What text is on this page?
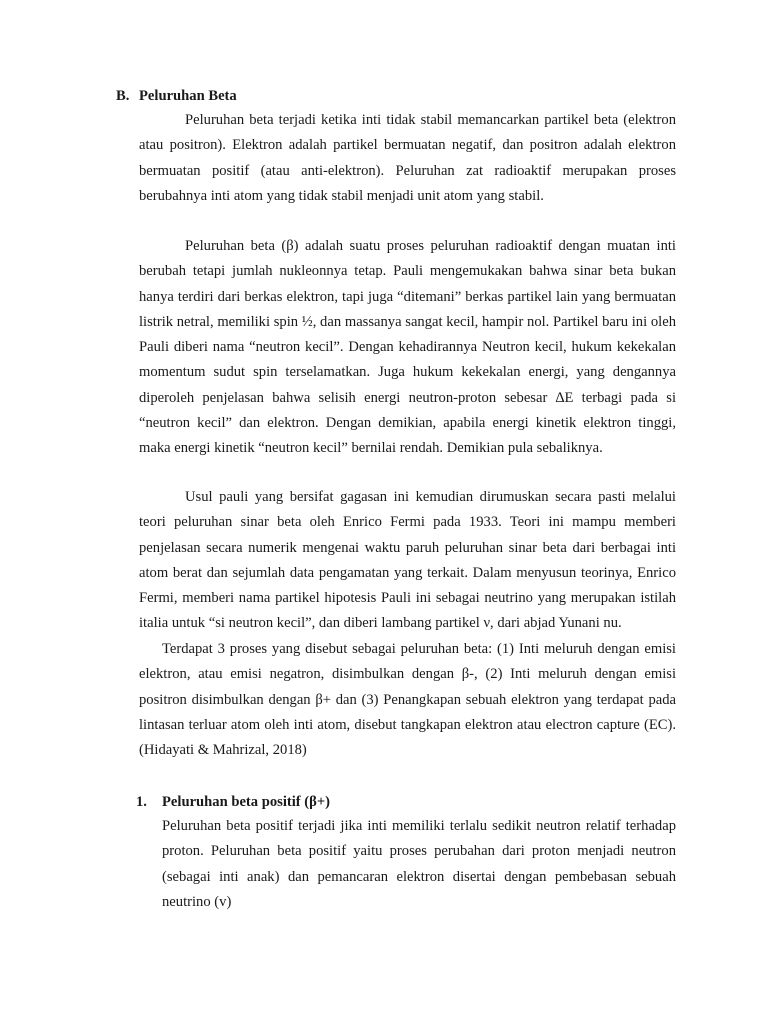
B. Peluruhan Beta

Peluruhan beta terjadi ketika inti tidak stabil memancarkan partikel beta (elektron atau positron). Elektron adalah partikel bermuatan negatif, dan positron adalah elektron bermuatan positif (atau anti-elektron). Peluruhan zat radioaktif merupakan proses berubahnya inti atom yang tidak stabil menjadi unit atom yang stabil.

Peluruhan beta (β) adalah suatu proses peluruhan radioaktif dengan muatan inti berubah tetapi jumlah nukleonnya tetap. Pauli mengemukakan bahwa sinar beta bukan hanya terdiri dari berkas elektron, tapi juga “ditemani” berkas partikel lain yang bermuatan listrik netral, memiliki spin ½, dan massanya sangat kecil, hampir nol. Partikel baru ini oleh Pauli diberi nama “neutron kecil”. Dengan kehadirannya Neutron kecil, hukum kekekalan momentum sudut spin terselamatkan. Juga hukum kekekalan energi, yang dengannya diperoleh penjelasan bahwa selisih energi neutron-proton sebesar ∆E terbagi pada si “neutron kecil” dan elektron. Dengan demikian, apabila energi kinetik elektron tinggi, maka energi kinetik “neutron kecil” bernilai rendah. Demikian pula sebaliknya.

Usul pauli yang bersifat gagasan ini kemudian dirumuskan secara pasti melalui teori peluruhan sinar beta oleh Enrico Fermi pada 1933. Teori ini mampu memberi penjelasan secara numerik mengenai waktu paruh peluruhan sinar beta dari berbagai inti atom berat dan sejumlah data pengamatan yang terkait. Dalam menyusun teorinya, Enrico Fermi, memberi nama partikel hipotesis Pauli ini sebagai neutrino yang merupakan istilah italia untuk “si neutron kecil”, dan diberi lambang partikel ν, dari abjad Yunani nu.

Terdapat 3 proses yang disebut sebagai peluruhan beta: (1) Inti meluruh dengan emisi elektron, atau emisi negatron, disimbulkan dengan β-, (2) Inti meluruh dengan emisi positron disimbulkan dengan β+ dan (3) Penangkapan sebuah elektron yang terdapat pada lintasan terluar atom oleh inti atom, disebut tangkapan elektron atau electron capture (EC). (Hidayati & Mahrizal, 2018)

1. Peluruhan beta positif (β+)

Peluruhan beta positif terjadi jika inti memiliki terlalu sedikit neutron relatif terhadap proton. Peluruhan beta positif yaitu proses perubahan dari proton menjadi neutron (sebagai inti anak) dan pemancaran elektron disertai dengan pembebasan sebuah neutrino (v)
